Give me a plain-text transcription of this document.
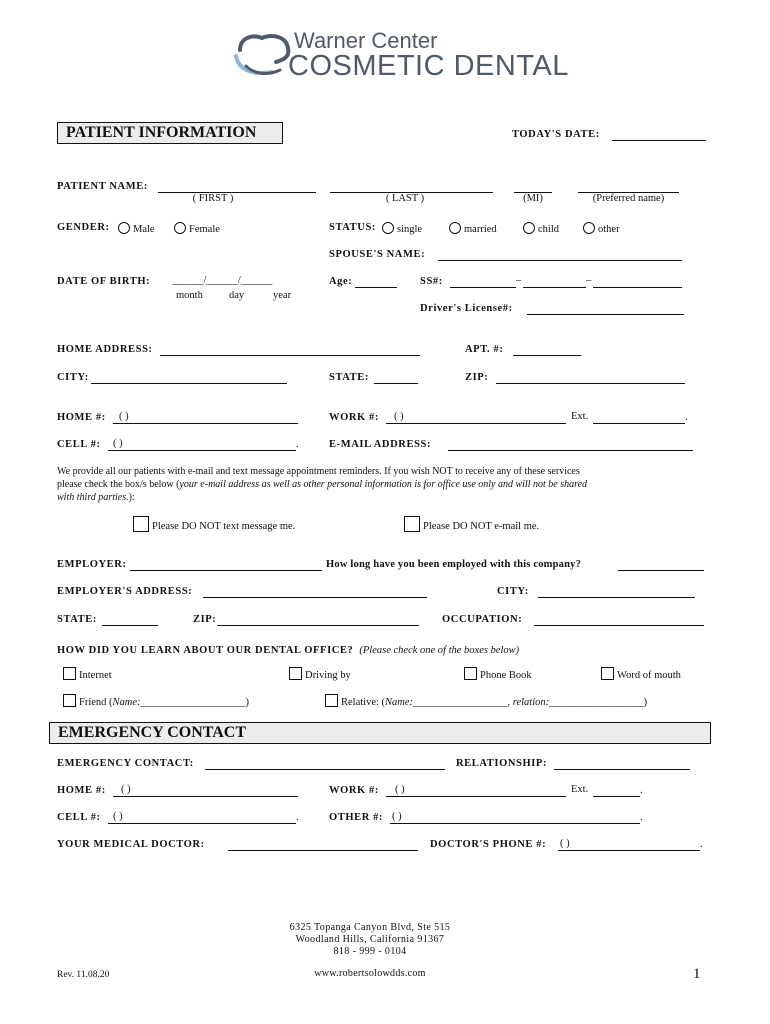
Warner Center
COSMETIC DENTAL
PATIENT INFORMATION	TODAY'S DATE:
PATIENT NAME:
( FIRST )	( LAST )	(MI)	(Preferred name)
GENDER:	Male	Female	STATUS:	single	married	child	other
SPOUSE'S NAME:
DATE OF BIRTH: ______/______/______
month day	year
Age:	SS#:	–	–
Driver's License#:
HOME ADDRESS:	APT. #:
CITY:	STATE:	ZIP:
HOME #: ( )	WORK #: ( )	Ext.	.
CELL #: ( )	.	E-MAIL ADDRESS:
We provide all our patients with e-mail and text message appointment reminders. If you wish NOT to receive any of these services
please check the box/s below (your e-mail address as well as other personal information is for office use only and will not be shared
with third parties.):
Please DO NOT text message me.	Please DO NOT e-mail me.
EMPLOYER:	How long have you been employed with this company?
EMPLOYER'S ADDRESS:	CITY:
STATE:	ZIP:	OCCUPATION:
HOW DID YOU LEARN ABOUT OUR DENTAL OFFICE? (Please check one of the boxes below)
Internet	Driving by	Phone Book	Word of mouth
Friend (Name:____________________)	Relative: (Name:__________________, relation:__________________)
EMERGENCY CONTACT
EMERGENCY CONTACT:	RELATIONSHIP:
HOME #: ( )	WORK #: ( )	Ext.	.
CELL #: ( )	.	OTHER #: ( )	.
YOUR MEDICAL DOCTOR:	DOCTOR'S PHONE #: ( )	.
6325 Topanga Canyon Blvd, Ste 515
Woodland Hills, California 91367
818 - 999 - 0104
www.robertsolowdds.com
Rev. 11.08.20	1
